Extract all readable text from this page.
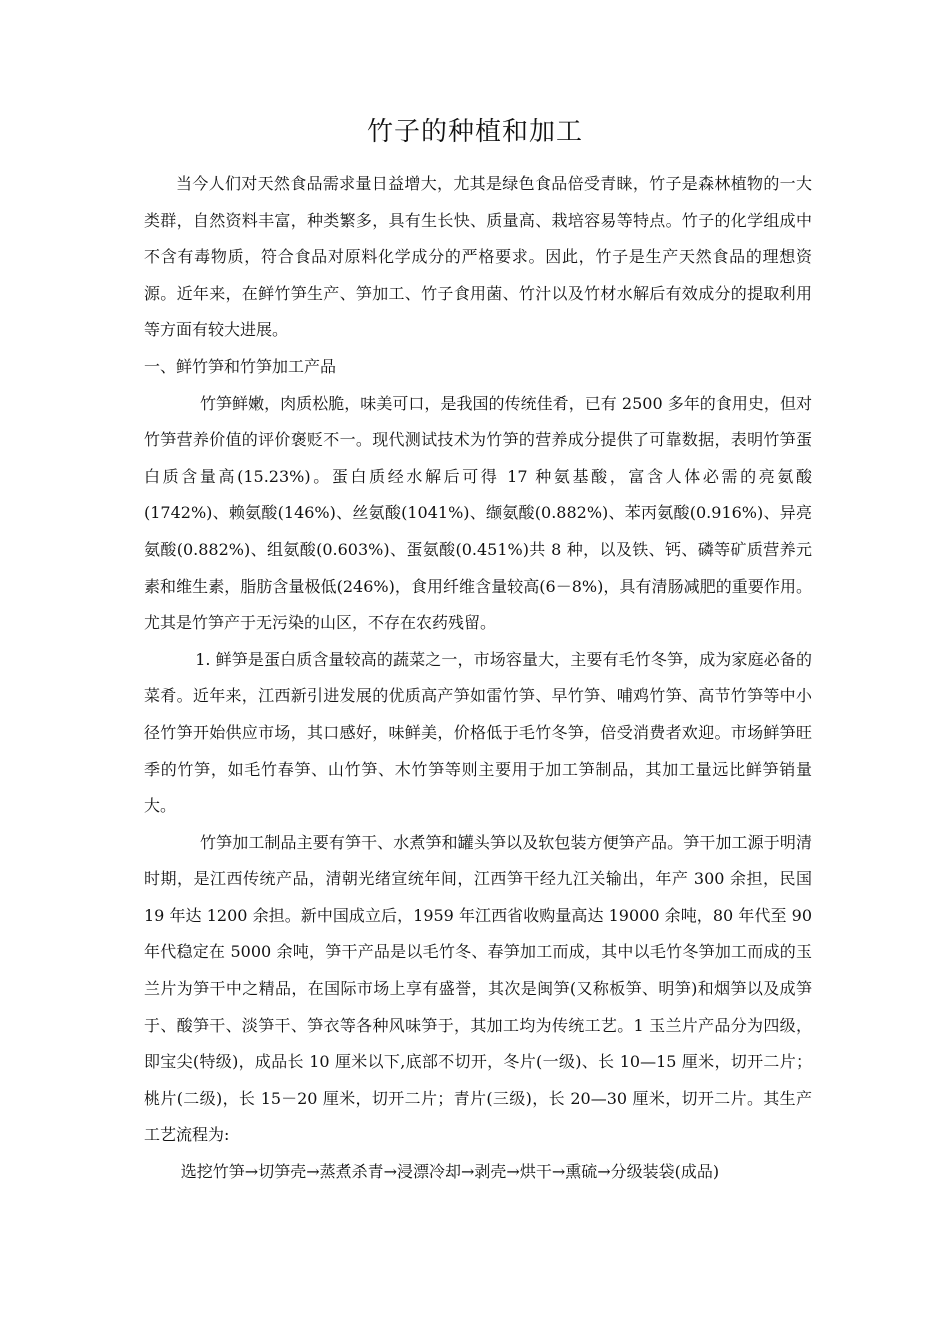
竹子的种植和加工

当今人们对天然食品需求量日益增大，尤其是绿色食品倍受青睐，竹子是森林植物的一大类群，自然资料丰富，种类繁多，具有生长快、质量高、栽培容易等特点。竹子的化学组成中不含有毒物质，符合食品对原料化学成分的严格要求。因此，竹子是生产天然食品的理想资源。近年来，在鲜竹笋生产、笋加工、竹子食用菌、竹汁以及竹材水解后有效成分的提取利用等方面有较大进展。

一、鲜竹笋和竹笋加工产品

竹笋鲜嫩，肉质松脆，味美可口，是我国的传统佳肴，已有 2500 多年的食用史，但对竹笋营养价值的评价褒贬不一。现代测试技术为竹笋的营养成分提供了可靠数据，表明竹笋蛋白质含量高(15.23%)。蛋白质经水解后可得 17 种氨基酸，富含人体必需的亮氨酸(1742%)、赖氨酸(146%)、丝氨酸(1041%)、缬氨酸(0.882%)、苯丙氨酸(0.916%)、异亮氨酸(0.882%)、组氨酸(0.603%)、蛋氨酸(0.451%)共 8 种，以及铁、钙、磷等矿质营养元素和维生素，脂肪含量极低(246%)，食用纤维含量较高(6－8%)，具有清肠减肥的重要作用。尤其是竹笋产于无污染的山区，不存在农药残留。

1. 鲜笋是蛋白质含量较高的蔬菜之一，市场容量大，主要有毛竹冬笋，成为家庭必备的菜肴。近年来，江西新引进发展的优质高产笋如雷竹笋、早竹笋、哺鸡竹笋、高节竹笋等中小径竹笋开始供应市场，其口感好，味鲜美，价格低于毛竹冬笋，倍受消费者欢迎。市场鲜笋旺季的竹笋，如毛竹春笋、山竹笋、木竹笋等则主要用于加工笋制品，其加工量远比鲜笋销量大。

竹笋加工制品主要有笋干、水煮笋和罐头笋以及软包装方便笋产品。笋干加工源于明清时期，是江西传统产品，清朝光绪宣统年间，江西笋干经九江关输出，年产 300 余担，民国 19 年达 1200 余担。新中国成立后，1959 年江西省收购量高达 19000 余吨，80 年代至 90 年代稳定在 5000 余吨，笋干产品是以毛竹冬、春笋加工而成，其中以毛竹冬笋加工而成的玉兰片为笋干中之精品，在国际市场上享有盛誉，其次是闽笋(又称板笋、明笋)和烟笋以及成笋于、酸笋干、淡笋干、笋衣等各种风味笋于，其加工均为传统工艺。1 玉兰片产品分为四级，即宝尖(特级)，成品长 10 厘米以下,底部不切开，冬片(一级)、长 10—15 厘米，切开二片；桃片(二级)，长 15－20 厘米，切开二片；青片(三级)，长 20—30 厘米，切开二片。其生产工艺流程为:

选挖竹笋→切笋壳→蒸煮杀青→浸漂冷却→剥壳→烘干→熏硫→分级装袋(成品)
